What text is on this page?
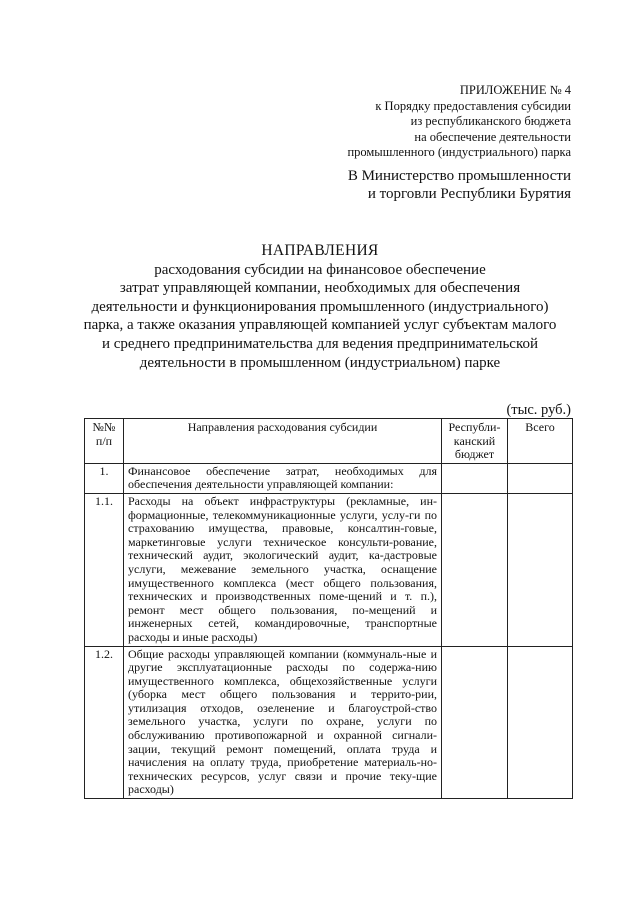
ПРИЛОЖЕНИЕ № 4
к Порядку предоставления субсидии
из республиканского бюджета
на обеспечение деятельности
промышленного (индустриального) парка
В Министерство промышленности
и торговли Республики Бурятия
НАПРАВЛЕНИЯ
расходования субсидии на финансовое обеспечение
затрат управляющей компании, необходимых для обеспечения
деятельности и функционирования промышленного (индустриального)
парка, а также оказания управляющей компанией услуг субъектам малого
и среднего предпринимательства для ведения предпринимательской
деятельности в промышленном (индустриальном) парке
(тыс. руб.)
№№ п/п	Направления расходования субсидии	Республи-канский бюджет	Всего
1.	Финансовое обеспечение затрат, необходимых для обеспечения деятельности управляющей компании:		
1.1.	Расходы на объект инфраструктуры (рекламные, ин-формационные, телекоммуникационные услуги, услу-ги по страхованию имущества, правовые, консалтин-говые, маркетинговые услуги техническое консульти-рование, технический аудит, экологический аудит, ка-дастровые услуги, межевание земельного участка, оснащение имущественного комплекса (мест общего пользования, технических и производственных поме-щений и т. п.), ремонт мест общего пользования, по-мещений и инженерных сетей, командировочные, транспортные расходы и иные расходы)		
1.2.	Общие расходы управляющей компании (коммуналь-ные и другие эксплуатационные расходы по содержа-нию имущественного комплекса, общехозяйственные услуги (уборка мест общего пользования и террито-рии, утилизация отходов, озеленение и благоустрой-ство земельного участка, услуги по охране, услуги по обслуживанию противопожарной и охранной сигнали-зации, текущий ремонт помещений, оплата труда и начисления на оплату труда, приобретение материаль-но-технических ресурсов, услуг связи и прочие теку-щие расходы)		
